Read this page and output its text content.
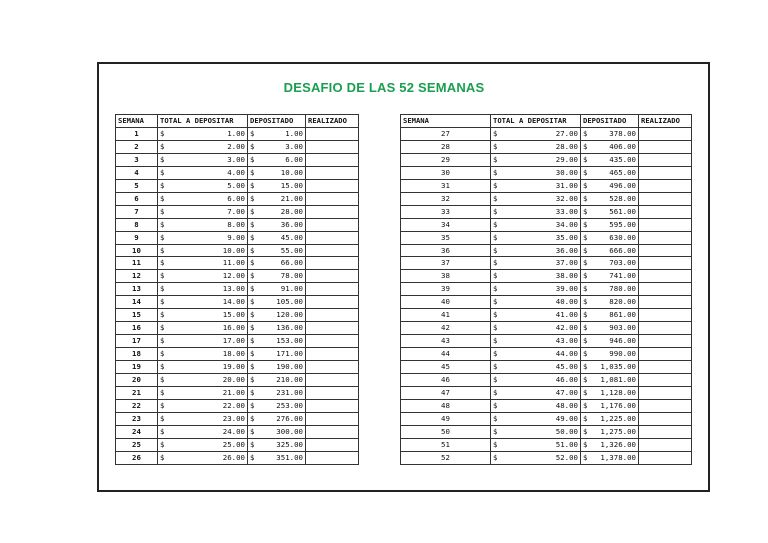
DESAFIO DE LAS 52 SEMANAS
SEMANA	TOTAL A DEPOSITAR		DEPOSITADO		REALIZADO
1	$	1.00	$	1.00	
2	$	2.00	$	3.00	
3	$	3.00	$	6.00	
4	$	4.00	$	10.00	
5	$	5.00	$	15.00	
6	$	6.00	$	21.00	
7	$	7.00	$	28.00	
8	$	8.00	$	36.00	
9	$	9.00	$	45.00	
10	$	10.00	$	55.00	
11	$	11.00	$	66.00	
12	$	12.00	$	78.00	
13	$	13.00	$	91.00	
14	$	14.00	$	105.00	
15	$	15.00	$	120.00	
16	$	16.00	$	136.00	
17	$	17.00	$	153.00	
18	$	18.00	$	171.00	
19	$	19.00	$	190.00	
20	$	20.00	$	210.00	
21	$	21.00	$	231.00	
22	$	22.00	$	253.00	
23	$	23.00	$	276.00	
24	$	24.00	$	300.00	
25	$	25.00	$	325.00	
26	$	26.00	$	351.00	
SEMANA	TOTAL A DEPOSITAR		DEPOSITADO		REALIZADO
27	$	27.00	$	378.00	
28	$	28.00	$	406.00	
29	$	29.00	$	435.00	
30	$	30.00	$	465.00	
31	$	31.00	$	496.00	
32	$	32.00	$	528.00	
33	$	33.00	$	561.00	
34	$	34.00	$	595.00	
35	$	35.00	$	630.00	
36	$	36.00	$	666.00	
37	$	37.00	$	703.00	
38	$	38.00	$	741.00	
39	$	39.00	$	780.00	
40	$	40.00	$	820.00	
41	$	41.00	$	861.00	
42	$	42.00	$	903.00	
43	$	43.00	$	946.00	
44	$	44.00	$	990.00	
45	$	45.00	$	1,035.00	
46	$	46.00	$	1,081.00	
47	$	47.00	$	1,128.00	
48	$	48.00	$	1,176.00	
49	$	49.00	$	1,225.00	
50	$	50.00	$	1,275.00	
51	$	51.00	$	1,326.00	
52	$	52.00	$	1,378.00	
